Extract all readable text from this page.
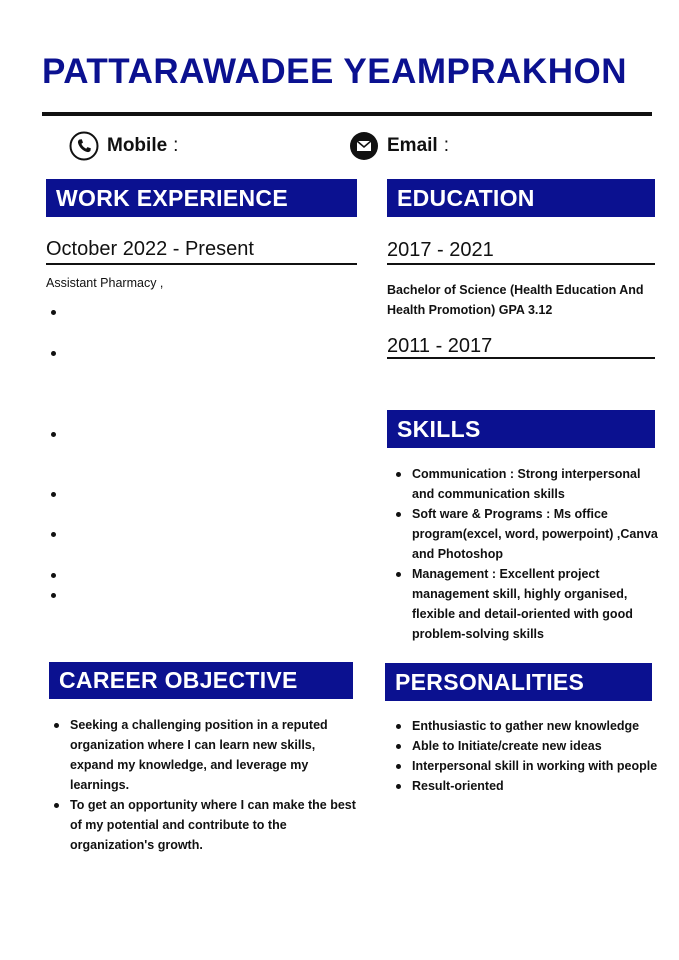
PATTARAWADEE YEAMPRAKHON
Mobile :	Email :
WORK EXPERIENCE
October 2022 - Present
Assistant Pharmacy ,
EDUCATION
2017 - 2021
Bachelor of Science (Health Education And Health Promotion) GPA 3.12
2011 - 2017
SKILLS
Communication : Strong interpersonal and communication skills
Soft ware & Programs : Ms office program(excel, word, powerpoint) ,Canva and Photoshop
Management : Excellent project management skill, highly organised, flexible and detail-oriented with good problem-solving skills
CAREER OBJECTIVE
Seeking a challenging position in a reputed organization where I can learn new skills, expand my knowledge, and leverage my learnings.
To get an opportunity where I can make the best of my potential and contribute to the organization's growth.
PERSONALITIES
Enthusiastic to gather new knowledge
Able to Initiate/create new ideas
Interpersonal skill in working with people
Result-oriented
